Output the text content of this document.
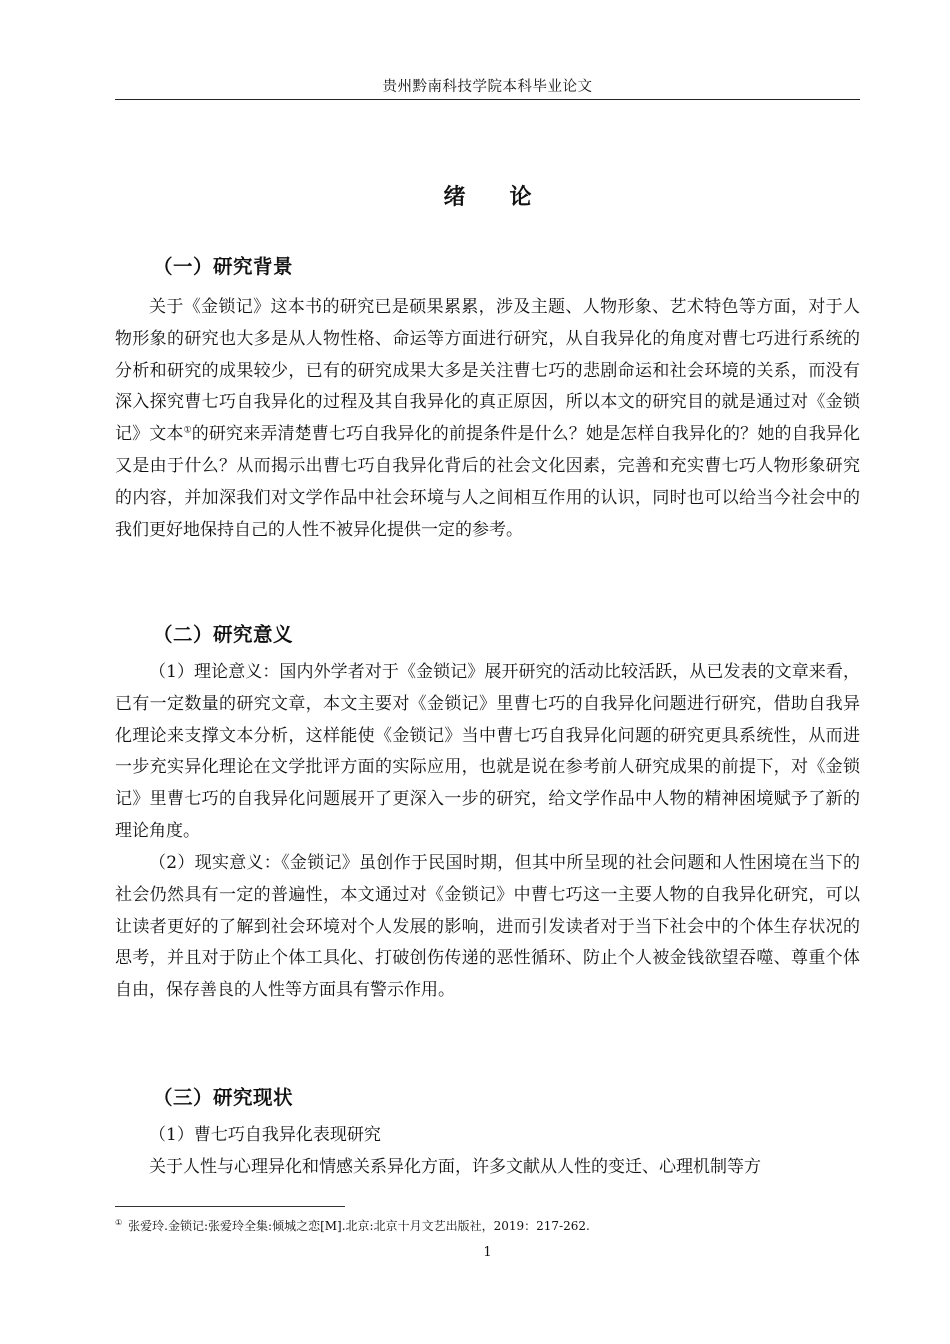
贵州黔南科技学院本科毕业论文
绪论
（一）研究背景

关于《金锁记》这本书的研究已是硕果累累，涉及主题、人物形象、艺术特色等方面，对于人物形象的研究也大多是从人物性格、命运等方面进行研究，从自我异化的角度对曹七巧进行系统的分析和研究的成果较少，已有的研究成果大多是关注曹七巧的悲剧命运和社会环境的关系，而没有深入探究曹七巧自我异化的过程及其自我异化的真正原因，所以本文的研究目的就是通过对《金锁记》文本①的研究来弄清楚曹七巧自我异化的前提条件是什么？她是怎样自我异化的？她的自我异化又是由于什么？从而揭示出曹七巧自我异化背后的社会文化因素，完善和充实曹七巧人物形象研究的内容，并加深我们对文学作品中社会环境与人之间相互作用的认识，同时也可以给当今社会中的我们更好地保持自己的人性不被异化提供一定的参考。

（二）研究意义

（1）理论意义：国内外学者对于《金锁记》展开研究的活动比较活跃，从已发表的文章来看，已有一定数量的研究文章，本文主要对《金锁记》里曹七巧的自我异化问题进行研究，借助自我异化理论来支撑文本分析，这样能使《金锁记》当中曹七巧自我异化问题的研究更具系统性，从而进一步充实异化理论在文学批评方面的实际应用，也就是说在参考前人研究成果的前提下，对《金锁记》里曹七巧的自我异化问题展开了更深入一步的研究，给文学作品中人物的精神困境赋予了新的理论角度。

（2）现实意义：《金锁记》虽创作于民国时期，但其中所呈现的社会问题和人性困境在当下的社会仍然具有一定的普遍性，本文通过对《金锁记》中曹七巧这一主要人物的自我异化研究，可以让读者更好的了解到社会环境对个人发展的影响，进而引发读者对于当下社会中的个体生存状况的思考，并且对于防止个体工具化、打破创伤传递的恶性循环、防止个人被金钱欲望吞噬、尊重个体自由，保存善良的人性等方面具有警示作用。

（三）研究现状

（1）曹七巧自我异化表现研究

关于人性与心理异化和情感关系异化方面，许多文献从人性的变迁、心理机制等方

① 张爱玲.金锁记:张爱玲全集:倾城之恋[M].北京:北京十月文艺出版社，2019：217-262.
1
